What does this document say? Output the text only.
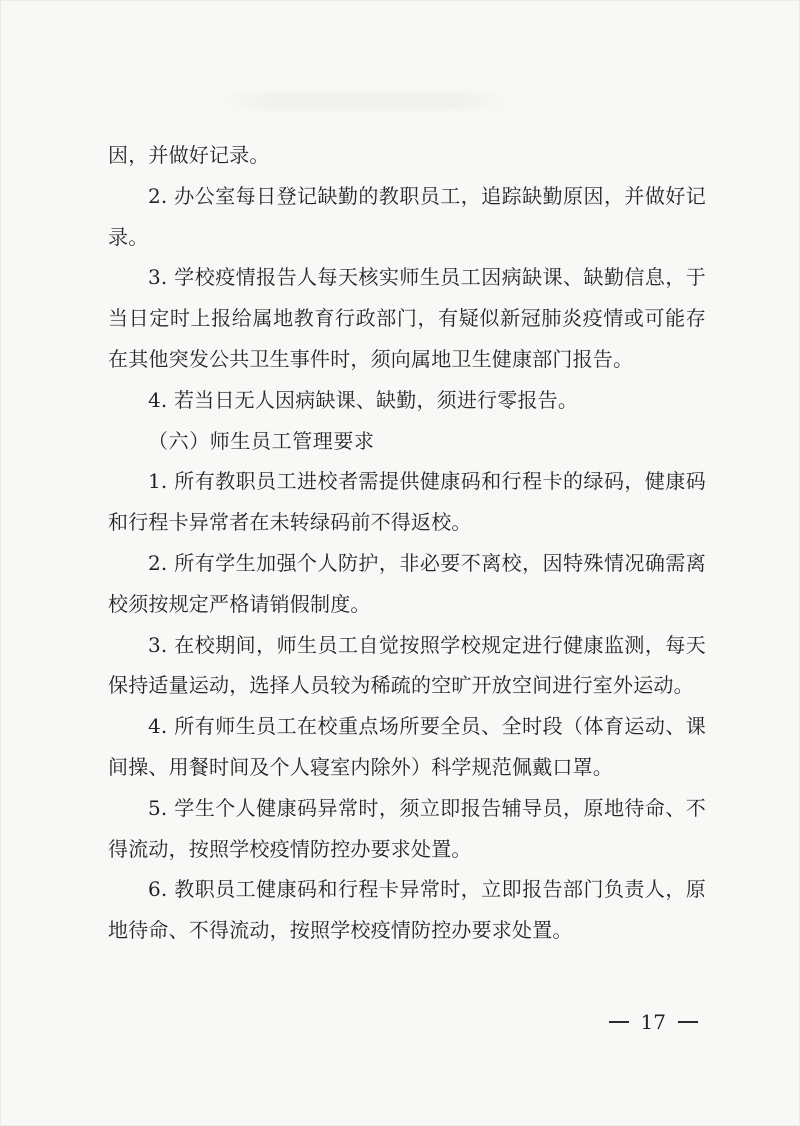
因，并做好记录。

2. 办公室每日登记缺勤的教职员工，追踪缺勤原因，并做好记录。

3. 学校疫情报告人每天核实师生员工因病缺课、缺勤信息，于当日定时上报给属地教育行政部门，有疑似新冠肺炎疫情或可能存在其他突发公共卫生事件时，须向属地卫生健康部门报告。

4. 若当日无人因病缺课、缺勤，须进行零报告。

（六）师生员工管理要求

1. 所有教职员工进校者需提供健康码和行程卡的绿码，健康码和行程卡异常者在未转绿码前不得返校。

2. 所有学生加强个人防护，非必要不离校，因特殊情况确需离校须按规定严格请销假制度。

3. 在校期间，师生员工自觉按照学校规定进行健康监测，每天保持适量运动，选择人员较为稀疏的空旷开放空间进行室外运动。

4. 所有师生员工在校重点场所要全员、全时段（体育运动、课间操、用餐时间及个人寝室内除外）科学规范佩戴口罩。

5. 学生个人健康码异常时，须立即报告辅导员，原地待命、不得流动，按照学校疫情防控办要求处置。

6. 教职员工健康码和行程卡异常时，立即报告部门负责人，原地待命、不得流动，按照学校疫情防控办要求处置。

17
